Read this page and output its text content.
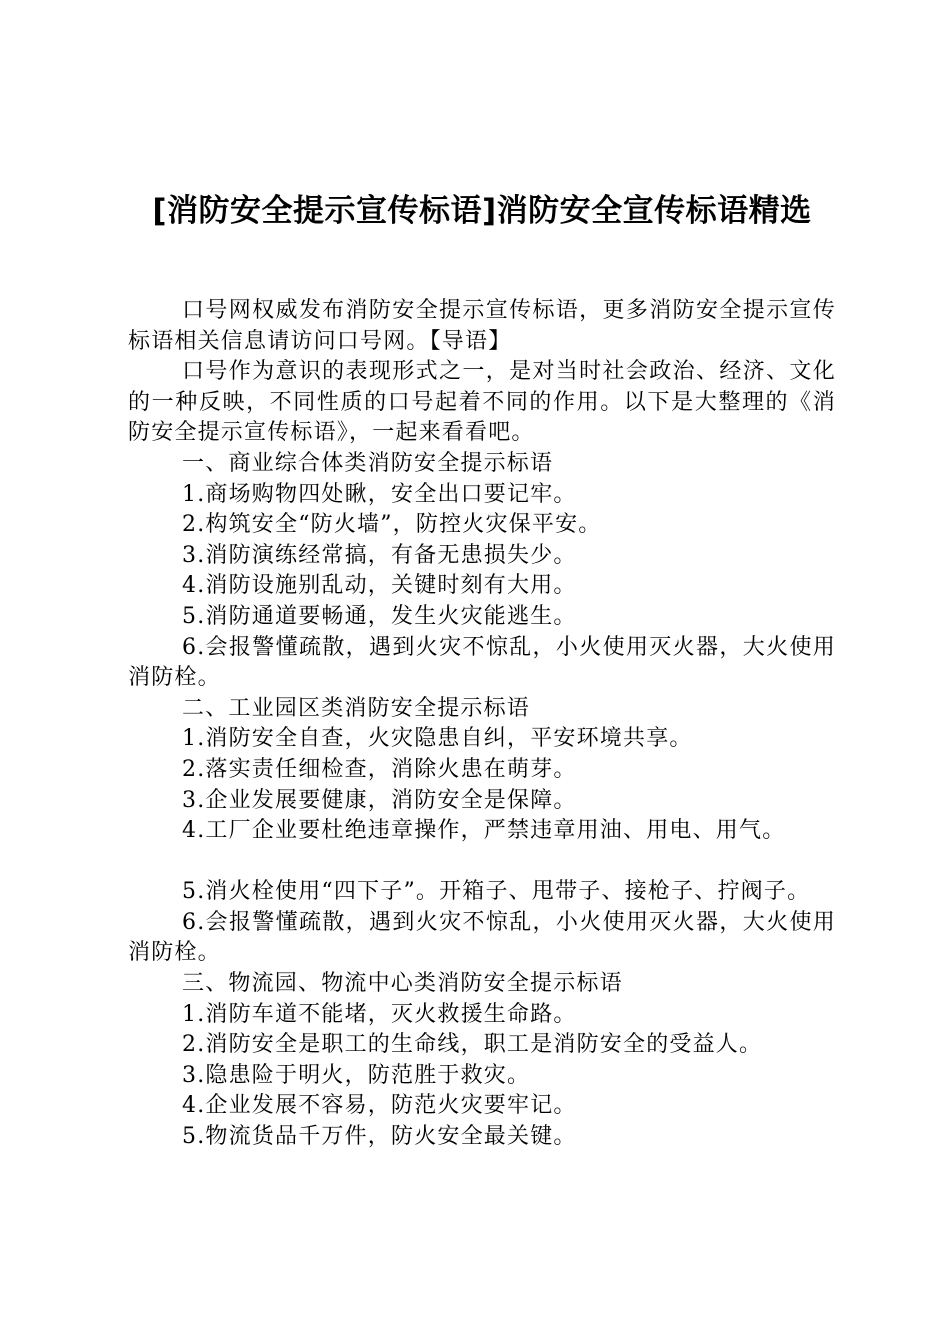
[消防安全提示宣传标语]消防安全宣传标语精选

口号网权威发布消防安全提示宣传标语，更多消防安全提示宣传标语相关信息请访问口号网。【导语】

口号作为意识的表现形式之一，是对当时社会政治、经济、文化的一种反映，不同性质的口号起着不同的作用。以下是大整理的《消防安全提示宣传标语》，一起来看看吧。

一、商业综合体类消防安全提示标语

1.商场购物四处瞅，安全出口要记牢。

2.构筑安全“防火墙”，防控火灾保平安。

3.消防演练经常搞，有备无患损失少。

4.消防设施别乱动，关键时刻有大用。

5.消防通道要畅通，发生火灾能逃生。

6.会报警懂疏散，遇到火灾不惊乱，小火使用灭火器，大火使用消防栓。

二、工业园区类消防安全提示标语

1.消防安全自查，火灾隐患自纠，平安环境共享。

2.落实责任细检查，消除火患在萌芽。

3.企业发展要健康，消防安全是保障。

4.工厂企业要杜绝违章操作，严禁违章用油、用电、用气。

5.消火栓使用“四下子”。开箱子、甩带子、接枪子、拧阀子。

6.会报警懂疏散，遇到火灾不惊乱，小火使用灭火器，大火使用消防栓。

三、物流园、物流中心类消防安全提示标语

1.消防车道不能堵，灭火救援生命路。

2.消防安全是职工的生命线，职工是消防安全的受益人。

3.隐患险于明火，防范胜于救灾。

4.企业发展不容易，防范火灾要牢记。

5.物流货品千万件，防火安全最关键。
